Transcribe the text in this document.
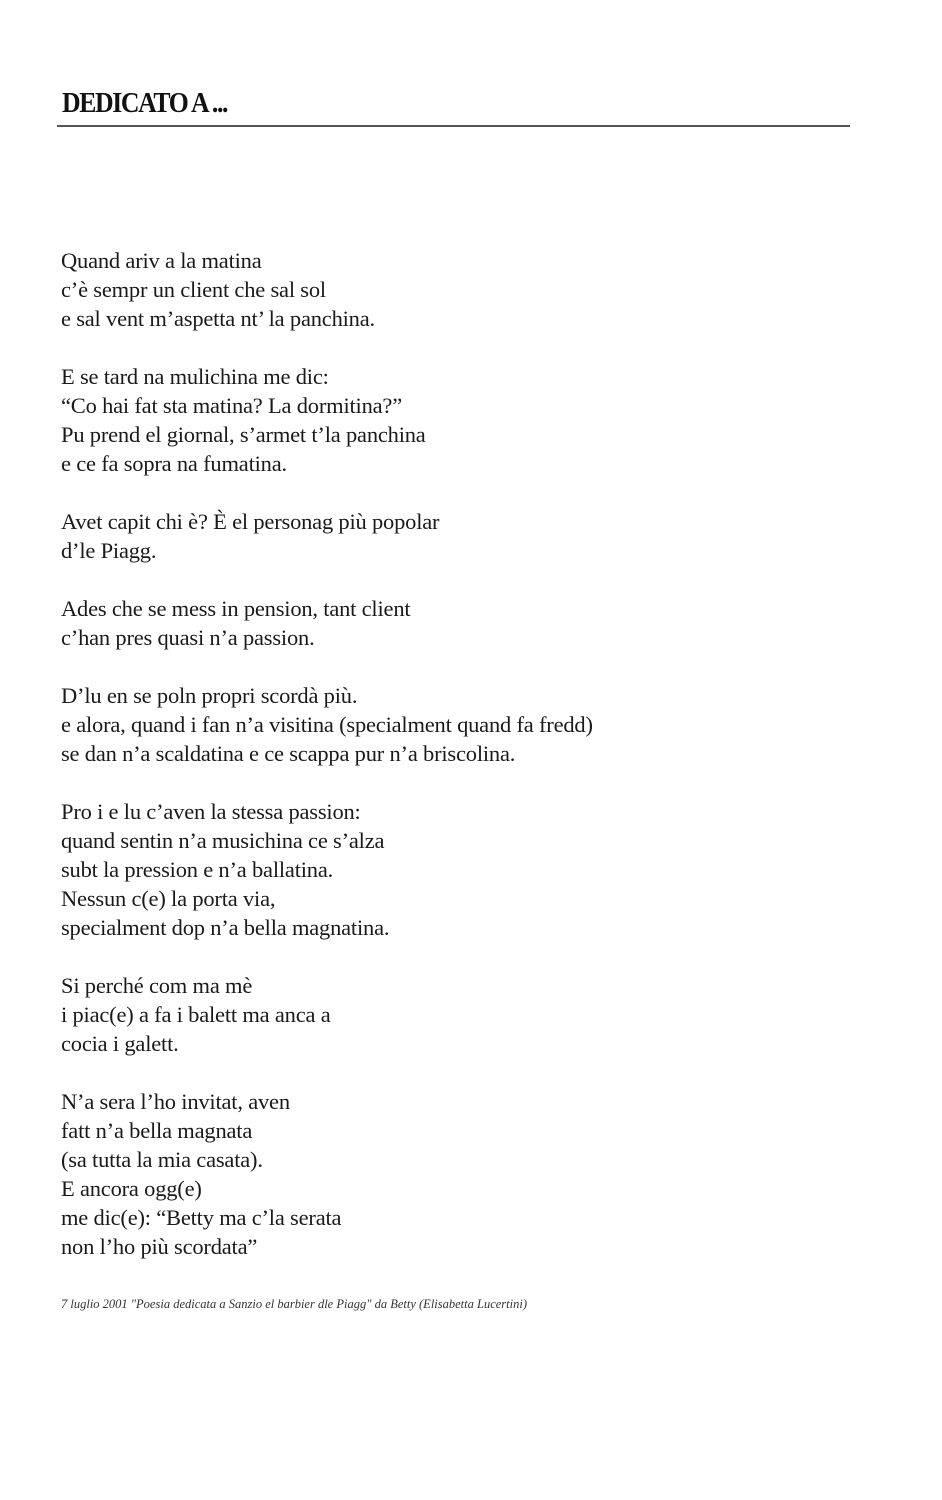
DEDICATO A ...
Quand ariv a la matina
c’è sempr un client che sal sol
e sal vent m’aspetta nt’ la panchina.
E se tard na mulichina me dic:
“Co hai fat sta matina? La dormitina?”
Pu prend el giornal, s’armet t’la panchina
e ce fa sopra na fumatina.
Avet capit chi è? È el personag più popolar
d’le Piagg.
Ades che se mess in pension, tant client
c’han pres quasi n’a passion.
D’lu en se poln propri scordà più.
e alora, quand i fan n’a visitina (specialment quand fa fredd)
se dan n’a scaldatina e ce scappa pur n’a briscolina.
Pro i e lu c’aven la stessa passion:
quand sentin n’a musichina ce s’alza
subt la pression e n’a ballatina.
Nessun c(e) la porta via,
specialment dop n’a bella magnatina.
Si perché com ma mè
i piac(e) a fa i balett ma anca a
cocia i galett.
N’a sera l’ho invitat, aven
fatt n’a bella magnata
(sa tutta la mia casata).
E ancora ogg(e)
me dic(e): “Betty ma c’la serata
non l’ho più scordata”
7 luglio 2001 "Poesia dedicata a Sanzio el barbier dle Piagg" da Betty (Elisabetta Lucertini)
